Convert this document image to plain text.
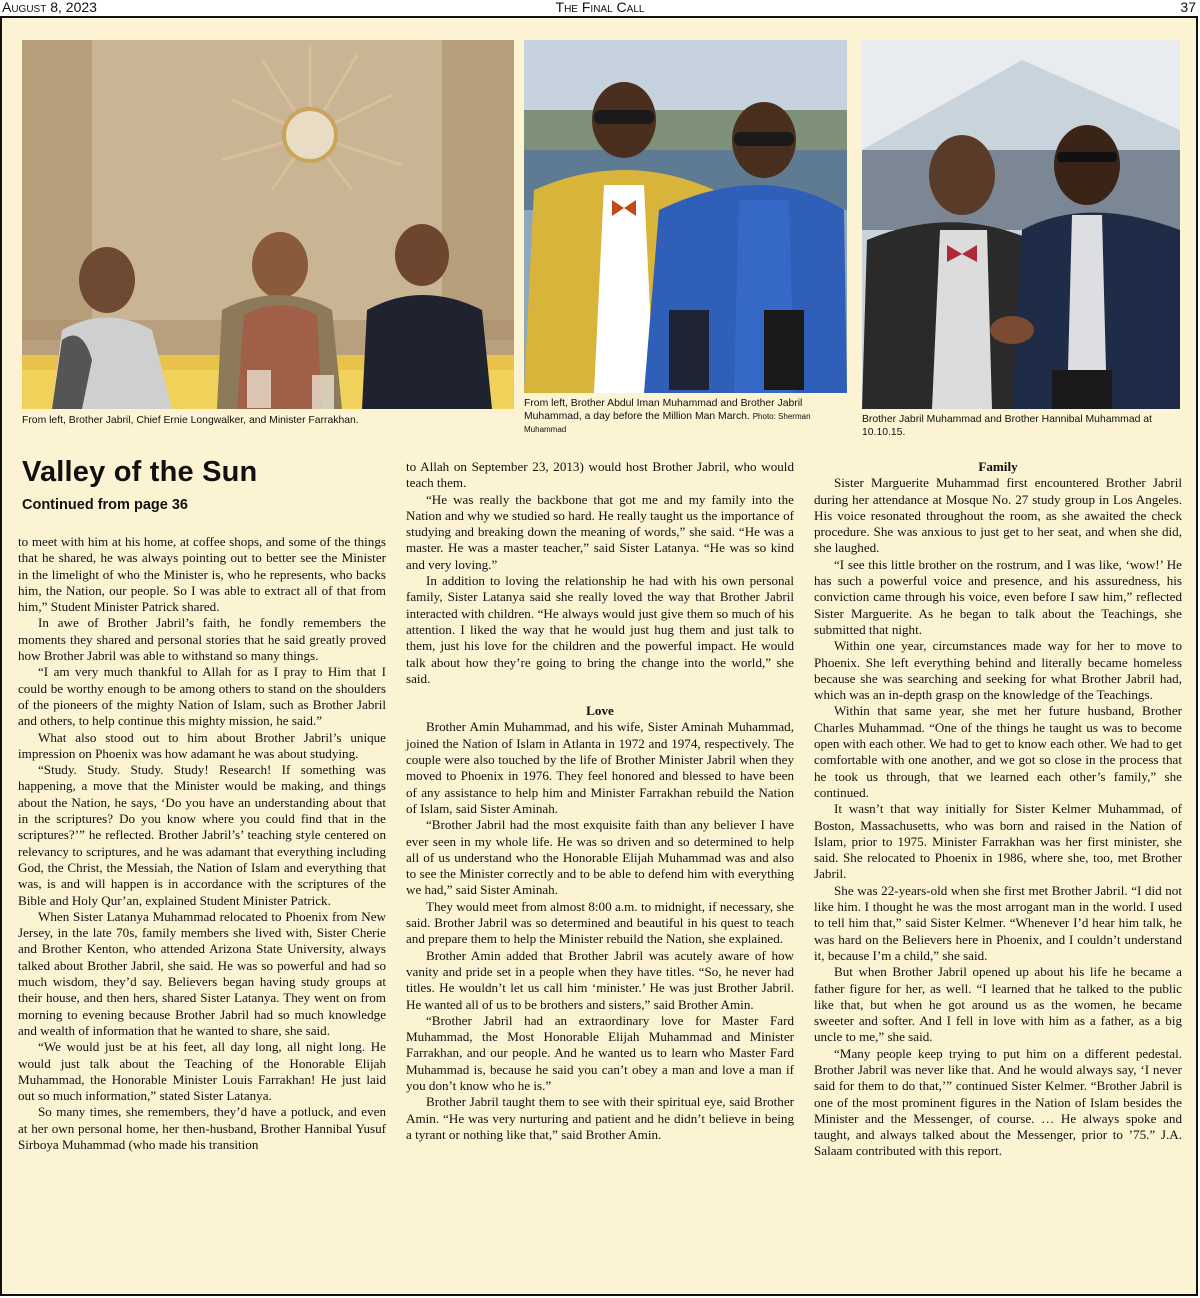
August 8, 2023	The Final Call	37
From left, Brother Jabril, Chief Ernie Longwalker, and Minister Farrakhan.
From left, Brother Abdul Iman Muhammad and Brother Jabril Muhammad, a day before the Million Man March. Photo: Sherman Muhammad
Brother Jabril Muhammad and Brother Hannibal Muhammad at 10.10.15.
Valley of the Sun
Continued from page 36

to meet with him at his home, at coffee shops, and some of the things that he shared, he was always pointing out to better see the Minister in the limelight of who the Minister is, who he represents, who backs him, the Nation, our people. So I was able to extract all of that from him,” Student Minister Patrick shared.

In awe of Brother Jabril’s faith, he fondly remembers the moments they shared and personal stories that he said greatly proved how Brother Jabril was able to withstand so many things.

“I am very much thankful to Allah for as I pray to Him that I could be worthy enough to be among others to stand on the shoulders of the pioneers of the mighty Nation of Islam, such as Brother Jabril and others, to help continue this mighty mission, he said.”

What also stood out to him about Brother Jabril’s unique impression on Phoenix was how adamant he was about studying.

“Study. Study. Study. Study! Research! If something was happening, a move that the Minister would be making, and things about the Nation, he says, ‘Do you have an understanding about that in the scriptures? Do you know where you could find that in the scriptures?’” he reflected. Brother Jabril’s’ teaching style centered on relevancy to scriptures, and he was adamant that everything including God, the Christ, the Messiah, the Nation of Islam and everything that was, is and will happen is in accordance with the scriptures of the Bible and Holy Qur’an, explained Student Minister Patrick.

When Sister Latanya Muhammad relocated to Phoenix from New Jersey, in the late 70s, family members she lived with, Sister Cherie and Brother Kenton, who attended Arizona State University, always talked about Brother Jabril, she said. He was so powerful and had so much wisdom, they’d say. Believers began having study groups at their house, and then hers, shared Sister Latanya. They went on from morning to evening because Brother Jabril had so much knowledge and wealth of information that he wanted to share, she said.

“We would just be at his feet, all day long, all night long. He would just talk about the Teaching of the Honorable Elijah Muhammad, the Honorable Minister Louis Farrakhan! He just laid out so much information,” stated Sister Latanya.

So many times, she remembers, they’d have a potluck, and even at her own personal home, her then-husband, Brother Hannibal Yusuf Sirboya Muhammad (who made his transition

to Allah on September 23, 2013) would host Brother Jabril, who would teach them.

“He was really the backbone that got me and my family into the Nation and why we studied so hard. He really taught us the importance of studying and breaking down the meaning of words,” she said. “He was a master. He was a master teacher,” said Sister Latanya. “He was so kind and very loving.”

In addition to loving the relationship he had with his own personal family, Sister Latanya said she really loved the way that Brother Jabril interacted with children. “He always would just give them so much of his attention. I liked the way that he would just hug them and just talk to them, just his love for the children and the powerful impact. He would talk about how they’re going to bring the change into the world,” she said.

Love

Brother Amin Muhammad, and his wife, Sister Aminah Muhammad, joined the Nation of Islam in Atlanta in 1972 and 1974, respectively. The couple were also touched by the life of Brother Minister Jabril when they moved to Phoenix in 1976. They feel honored and blessed to have been of any assistance to help him and Minister Farrakhan rebuild the Nation of Islam, said Sister Aminah.

“Brother Jabril had the most exquisite faith than any believer I have ever seen in my whole life. He was so driven and so determined to help all of us understand who the Honorable Elijah Muhammad was and also to see the Minister correctly and to be able to defend him with everything we had,” said Sister Aminah.

They would meet from almost 8:00 a.m. to midnight, if necessary, she said. Brother Jabril was so determined and beautiful in his quest to teach and prepare them to help the Minister rebuild the Nation, she explained.

Brother Amin added that Brother Jabril was acutely aware of how vanity and pride set in a people when they have titles. “So, he never had titles. He wouldn’t let us call him ‘minister.’ He was just Brother Jabril. He wanted all of us to be brothers and sisters,” said Brother Amin.

“Brother Jabril had an extraordinary love for Master Fard Muhammad, the Most Honorable Elijah Muhammad and Minister Farrakhan, and our people. And he wanted us to learn who Master Fard Muhammad is, because he said you can’t obey a man and love a man if you don’t know who he is.”

Brother Jabril taught them to see with their spiritual eye, said Brother Amin. “He was very nurturing and patient and he didn’t believe in being a tyrant or nothing like that,” said Brother Amin.

Family

Sister Marguerite Muhammad first encountered Brother Jabril during her attendance at Mosque No. 27 study group in Los Angeles. His voice resonated throughout the room, as she awaited the check procedure. She was anxious to just get to her seat, and when she did, she laughed.

“I see this little brother on the rostrum, and I was like, ‘wow!’ He has such a powerful voice and presence, and his assuredness, his conviction came through his voice, even before I saw him,” reflected Sister Marguerite. As he began to talk about the Teachings, she submitted that night.

Within one year, circumstances made way for her to move to Phoenix. She left everything behind and literally became homeless because she was searching and seeking for what Brother Jabril had, which was an in-depth grasp on the knowledge of the Teachings.

Within that same year, she met her future husband, Brother Charles Muhammad. “One of the things he taught us was to become open with each other. We had to get to know each other. We had to get comfortable with one another, and we got so close in the process that he took us through, that we learned each other’s family,” she continued.

It wasn’t that way initially for Sister Kelmer Muhammad, of Boston, Massachusetts, who was born and raised in the Nation of Islam, prior to 1975. Minister Farrakhan was her first minister, she said. She relocated to Phoenix in 1986, where she, too, met Brother Jabril.

She was 22-years-old when she first met Brother Jabril. “I did not like him. I thought he was the most arrogant man in the world. I used to tell him that,” said Sister Kelmer. “Whenever I’d hear him talk, he was hard on the Believers here in Phoenix, and I couldn’t understand it, because I’m a child,” she said.

But when Brother Jabril opened up about his life he became a father figure for her, as well. “I learned that he talked to the public like that, but when he got around us as the women, he became sweeter and softer. And I fell in love with him as a father, as a big uncle to me,” she said.

“Many people keep trying to put him on a different pedestal. Brother Jabril was never like that. And he would always say, ‘I never said for them to do that,’” continued Sister Kelmer. “Brother Jabril is one of the most prominent figures in the Nation of Islam besides the Minister and the Messenger, of course. … He always spoke and taught, and always talked about the Messenger, prior to ’75.” J.A. Salaam contributed with this report.
